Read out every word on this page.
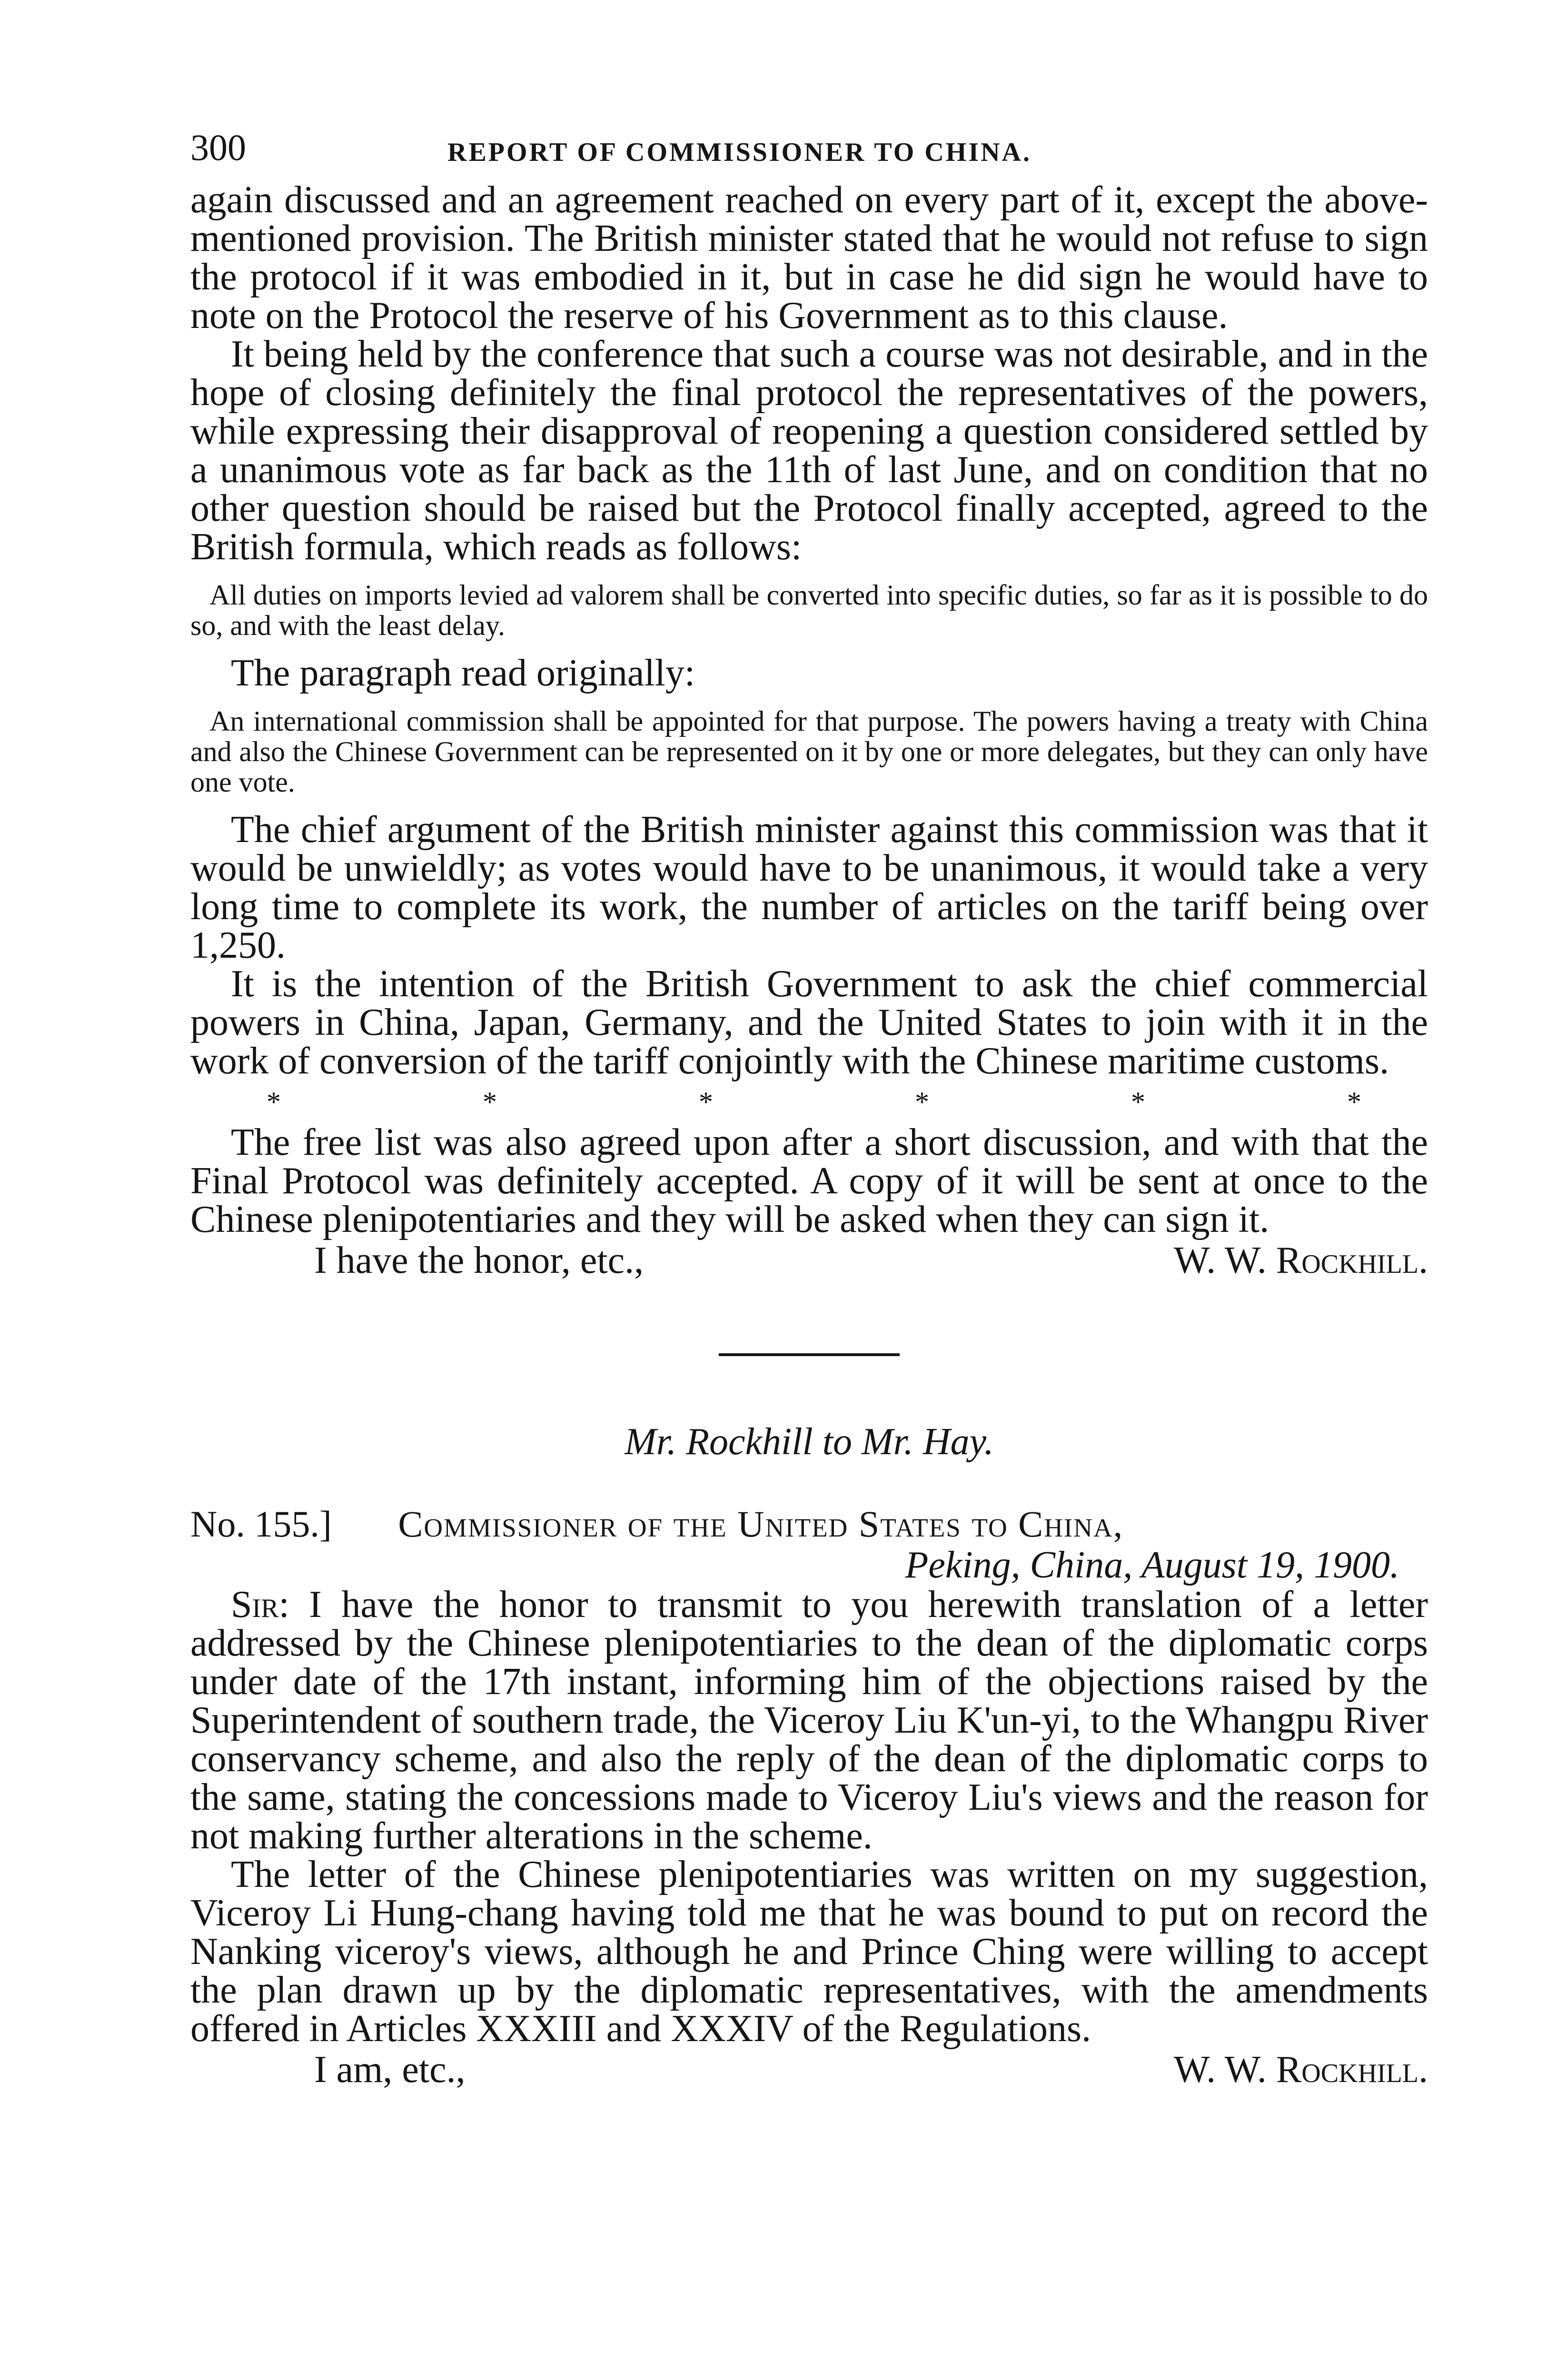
300	REPORT OF COMMISSIONER TO CHINA.

again discussed and an agreement reached on every part of it, except the above-mentioned provision. The British minister stated that he would not refuse to sign the protocol if it was embodied in it, but in case he did sign he would have to note on the Protocol the reserve of his Government as to this clause.

It being held by the conference that such a course was not desirable, and in the hope of closing definitely the final protocol the representatives of the powers, while expressing their disapproval of reopening a question considered settled by a unanimous vote as far back as the 11th of last June, and on condition that no other question should be raised but the Protocol finally accepted, agreed to the British formula, which reads as follows:

All duties on imports levied ad valorem shall be converted into specific duties, so far as it is possible to do so, and with the least delay.

The paragraph read originally:

An international commission shall be appointed for that purpose. The powers having a treaty with China and also the Chinese Government can be represented on it by one or more delegates, but they can only have one vote.

The chief argument of the British minister against this commission was that it would be unwieldly; as votes would have to be unanimous, it would take a very long time to complete its work, the number of articles on the tariff being over 1,250.

It is the intention of the British Government to ask the chief commercial powers in China, Japan, Germany, and the United States to join with it in the work of conversion of the tariff conjointly with the Chinese maritime customs.

*	*	*	*	*	*

The free list was also agreed upon after a short discussion, and with that the Final Protocol was definitely accepted. A copy of it will be sent at once to the Chinese plenipotentiaries and they will be asked when they can sign it.

I have the honor, etc.,	W. W. Rockhill.
Mr. Rockhill to Mr. Hay.
No. 155.] Commissioner of the United States to China,
Peking, China, August 19, 1900.

Sir: I have the honor to transmit to you herewith translation of a letter addressed by the Chinese plenipotentiaries to the dean of the diplomatic corps under date of the 17th instant, informing him of the objections raised by the Superintendent of southern trade, the Viceroy Liu K'un-yi, to the Whangpu River conservancy scheme, and also the reply of the dean of the diplomatic corps to the same, stating the concessions made to Viceroy Liu's views and the reason for not making further alterations in the scheme.

The letter of the Chinese plenipotentiaries was written on my suggestion, Viceroy Li Hung-chang having told me that he was bound to put on record the Nanking viceroy's views, although he and Prince Ching were willing to accept the plan drawn up by the diplomatic representatives, with the amendments offered in Articles XXXIII and XXXIV of the Regulations.

I am, etc.,	W. W. Rockhill.
